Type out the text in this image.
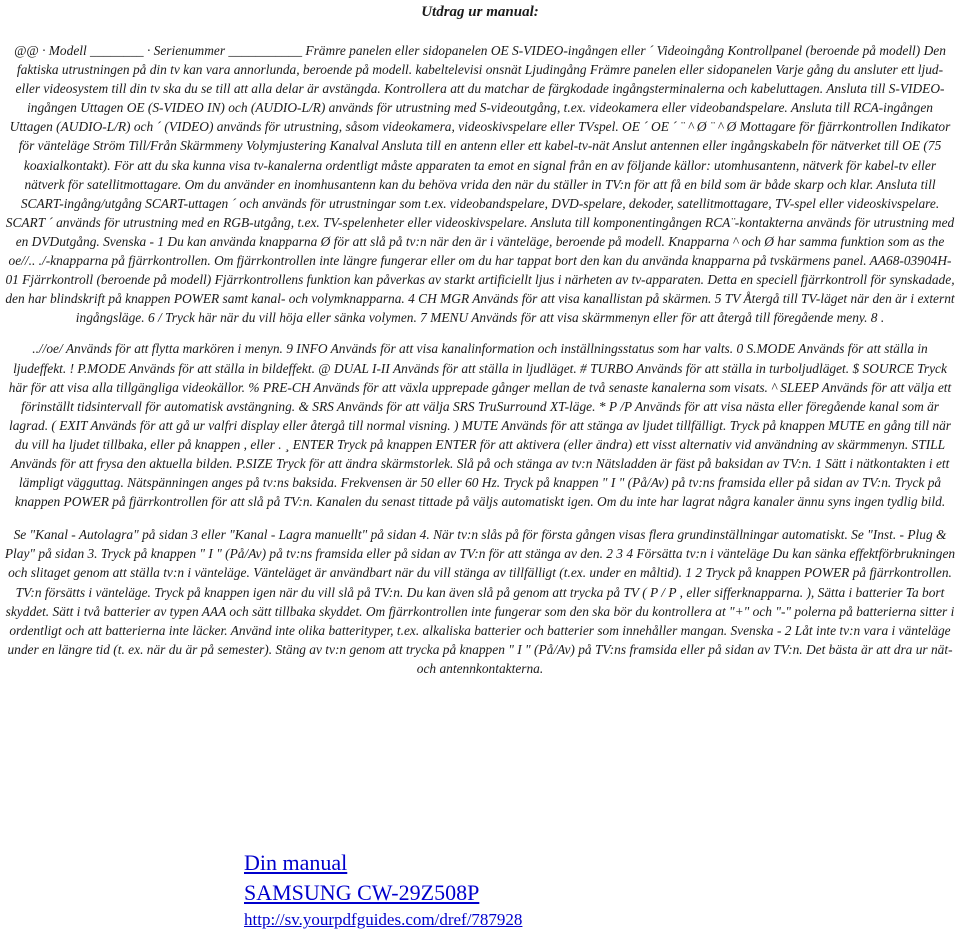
Utdrag ur manual:

@@ · Modell ________ · Serienummer ___________ Främre panelen eller sidopanelen OE S-VIDEO-ingången eller ´ Videoingång Kontrollpanel (beroende på modell) Den faktiska utrustningen på din tv kan vara annorlunda, beroende på modell. kabeltelevisi onsnät Ljudingång Främre panelen eller sidopanelen Varje gång du ansluter ett ljud- eller videosystem till din tv ska du se till att alla delar är avstängda. Kontrollera att du matchar de färgkodade ingångsterminalerna och kabeluttagen. Ansluta till S-VIDEO-ingången Uttagen OE (S-VIDEO IN) och (AUDIO-L/R) används för utrustning med S-videoutgång, t.ex. videokamera eller videobandspelare. Ansluta till RCA-ingången Uttagen (AUDIO-L/R) och ´ (VIDEO) används för utrustning, såsom videokamera, videoskivspelare eller TVspel. OE ´ OE ´ ¨ ^ Ø ¨ ^ Ø Mottagare för fjärrkontrollen Indikator för vänteläge Ström Till/Från Skärmmeny Volymjustering Kanalval Ansluta till en antenn eller ett kabel-tv-nät Anslut antennen eller ingångskabeln för nätverket till OE (75 koaxialkontakt). För att du ska kunna visa tv-kanalerna ordentligt måste apparaten ta emot en signal från en av följande källor: utomhusantenn, nätverk för kabel-tv eller nätverk för satellitmottagare. Om du använder en inomhusantenn kan du behöva vrida den när du ställer in TV:n för att få en bild som är både skarp och klar. Ansluta till SCART-ingång/utgång SCART-uttagen ´ och används för utrustningar som t.ex. videobandspelare, DVD-spelare, dekoder, satellitmottagare, TV-spel eller videoskivspelare. SCART ´ används för utrustning med en RGB-utgång, t.ex. TV-spelenheter eller videoskivspelare. Ansluta till komponentingången RCA¨-kontakterna används för utrustning med en DVDutgång. Svenska - 1 Du kan använda knapparna Ø för att slå på tv:n när den är i vänteläge, beroende på modell. Knapparna ^ och Ø har samma funktion som as the oe//.. ./-knapparna på fjärrkontrollen. Om fjärrkontrollen inte längre fungerar eller om du har tappat bort den kan du använda knapparna på tvskärmens panel. AA68-03904H-01 Fjärrkontroll (beroende på modell) Fjärrkontrollens funktion kan påverkas av starkt artificiellt ljus i närheten av tv-apparaten. Detta en speciell fjärrkontroll för synskadade, den har blindskrift på knappen POWER samt kanal- och volymknapparna. 4 CH MGR Används för att visa kanallistan på skärmen. 5 TV Återgå till TV-läget när den är i externt ingångsläge. 6 / Tryck här när du vill höja eller sänka volymen. 7 MENU Används för att visa skärmmenyn eller för att återgå till föregående meny. 8 .

..//oe/ Används för att flytta markören i menyn. 9 INFO Används för att visa kanalinformation och inställningsstatus som har valts. 0 S.MODE Används för att ställa in ljudeffekt. ! P.MODE Används för att ställa in bildeffekt. @ DUAL I-II Används för att ställa in ljudläget. # TURBO Används för att ställa in turboljudläget. $ SOURCE Tryck här för att visa alla tillgängliga videokällor. % PRE-CH Används för att växla upprepade gånger mellan de två senaste kanalerna som visats. ^ SLEEP Används för att välja ett förinställt tidsintervall för automatisk avstängning. & SRS Används för att välja SRS TruSurround XT-läge. * P /P Används för att visa nästa eller föregående kanal som är lagrad. ( EXIT Används för att gå ur valfri display eller återgå till normal visning. ) MUTE Används för att stänga av ljudet tillfälligt. Tryck på knappen MUTE en gång till när du vill ha ljudet tillbaka, eller på knappen , eller . ¸ ENTER Tryck på knappen ENTER för att aktivera (eller ändra) ett visst alternativ vid användning av skärmmenyn. STILL Används för att frysa den aktuella bilden. P.SIZE Tryck för att ändra skärmstorlek. Slå på och stänga av tv:n Nätsladden är fäst på baksidan av TV:n. 1 Sätt i nätkontakten i ett lämpligt vägguttag. Nätspänningen anges på tv:ns baksida. Frekvensen är 50 eller 60 Hz. Tryck på knappen " I " (På/Av) på tv:ns framsida eller på sidan av TV:n. Tryck på knappen POWER på fjärrkontrollen för att slå på TV:n. Kanalen du senast tittade på väljs automatiskt igen. Om du inte har lagrat några kanaler ännu syns ingen tydlig bild.

Se "Kanal - Autolagra" på sidan 3 eller "Kanal - Lagra manuellt" på sidan 4. När tv:n slås på för första gången visas flera grundinställningar automatiskt. Se "Inst. - Plug & Play" på sidan 3. Tryck på knappen " I " (På/Av) på tv:ns framsida eller på sidan av TV:n för att stänga av den. 2 3 4 Försätta tv:n i vänteläge Du kan sänka effektförbrukningen och slitaget genom att ställa tv:n i vänteläge. Vänteläget är användbart när du vill stänga av tillfälligt (t.ex. under en måltid). 1 2 Tryck på knappen POWER på fjärrkontrollen. TV:n försätts i vänteläge. Tryck på knappen igen när du vill slå på TV:n. Du kan även slå på genom att trycka på TV ( P / P , eller sifferknapparna. ), Sätta i batterier Ta bort skyddet. Sätt i två batterier av typen AAA och sätt tillbaka skyddet. Om fjärrkontrollen inte fungerar som den ska bör du kontrollera at "+" och "-" polerna på batterierna sitter i ordentligt och att batterierna inte läcker. Använd inte olika batterityper, t.ex. alkaliska batterier och batterier som innehåller mangan. Svenska - 2 Låt inte tv:n vara i vänteläge under en längre tid (t. ex. när du är på semester). Stäng av tv:n genom att trycka på knappen " I " (På/Av) på TV:ns framsida eller på sidan av TV:n. Det bästa är att dra ur nät- och antennkontakterna.

Din manual
SAMSUNG CW-29Z508P
http://sv.yourpdfguides.com/dref/787928
